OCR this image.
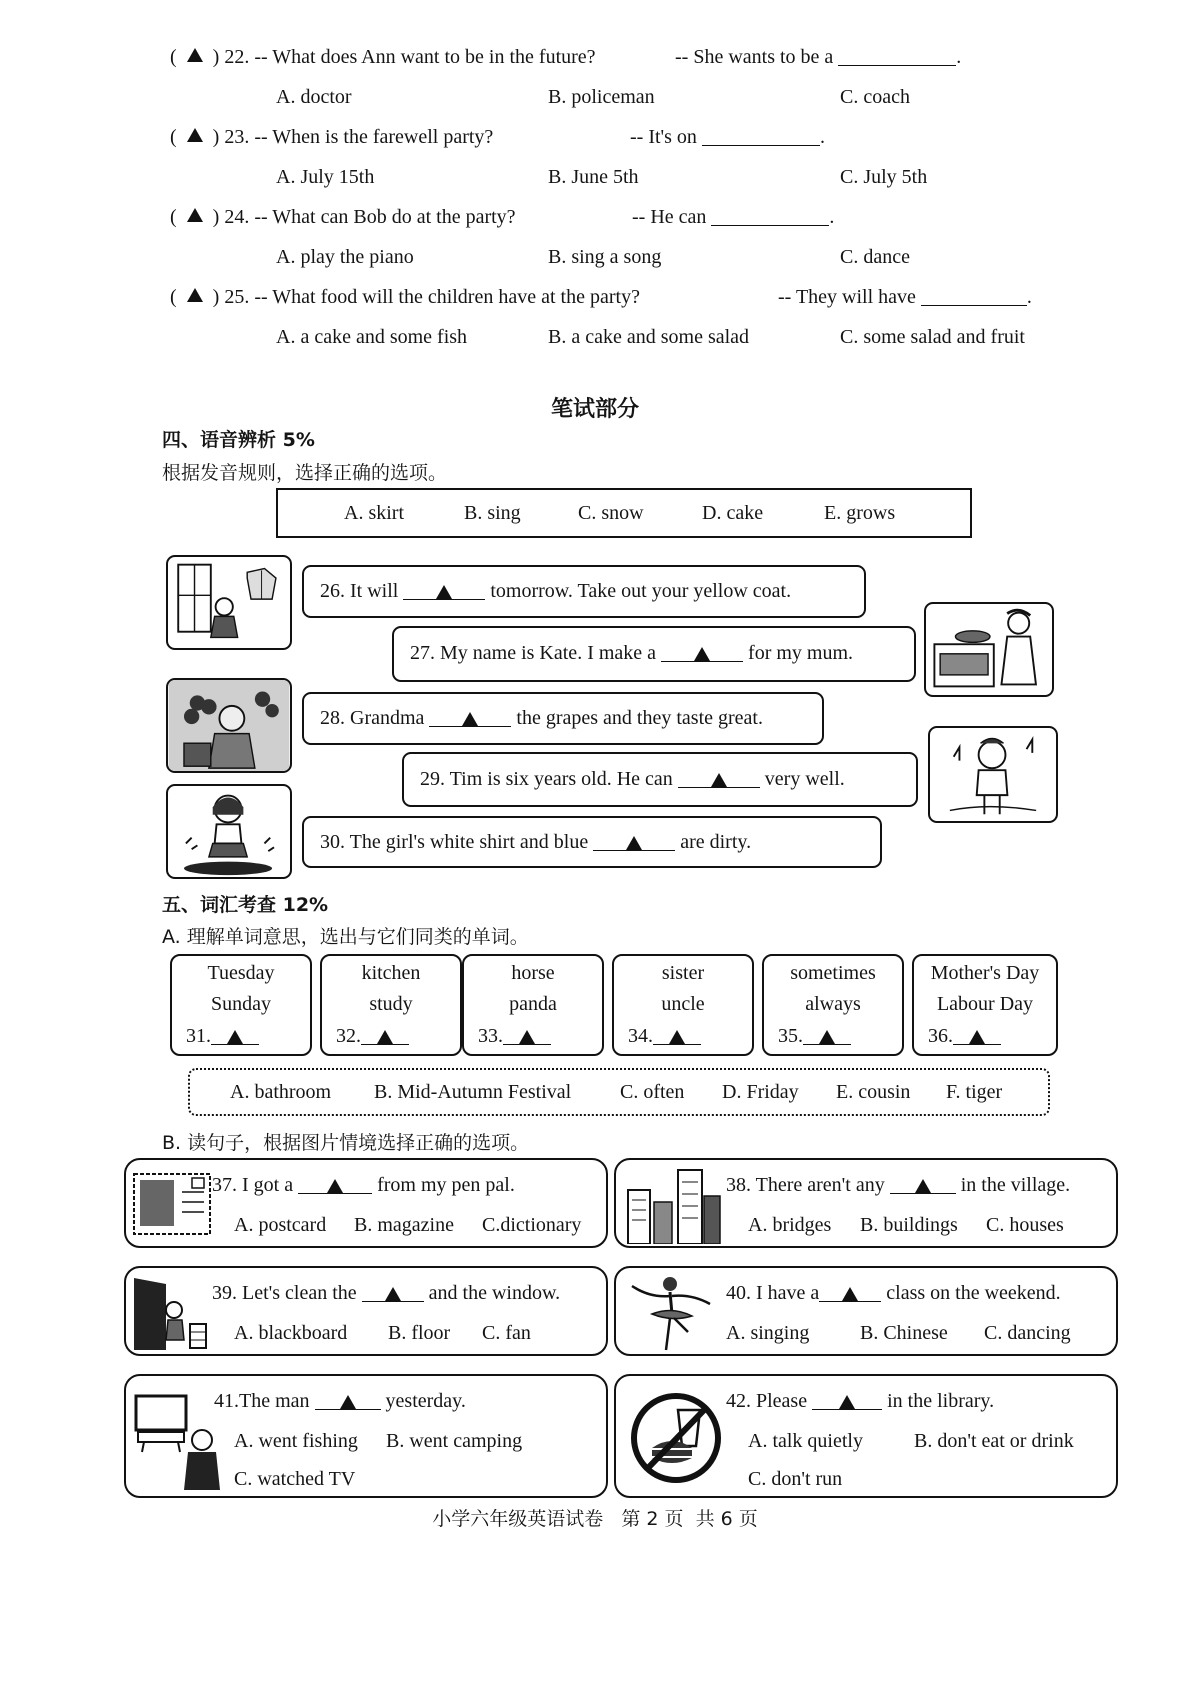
(    ) 22. -- What does Ann want to be in the future?	-- She wants to be a	.
A. doctor	B. policeman	C. coach
(    ) 23. -- When is the farewell party?	-- It's on	.
A. July 15th	B. June 5th	C. July 5th
(    ) 24. -- What can Bob do at the party?	-- He can	.
A. play the piano	B. sing a song	C. dance
(    ) 25. -- What food will the children have at the party?	-- They will have	.
A. a cake and some fish	B. a cake and some salad	C. some salad and fruit
笔试部分
四、语音辨析 5%
根据发音规则，选择正确的选项。
A. skirt	B. sing	C. snow	D. cake	E. grows
26. It will	tomorrow. Take out your yellow coat.
27. My name is Kate. I make a	for my mum.
28. Grandma	the grapes and they taste great.
29. Tim is six years old. He can	very well.
30. The girl's white shirt and blue	are dirty.
五、词汇考查 12%
A. 理解单词意思，选出与它们同类的单词。
Tuesday
Sunday
31.
kitchen
study
32.
horse
panda
33.
sister
uncle
34.
sometimes
always
35.
Mother's Day
Labour Day
36.
A. bathroom B. Mid-Autumn Festival C. often D. Friday E. cousin F. tiger
B. 读句子，根据图片情境选择正确的选项。
37. I got a	from my pen pal.
A. postcard B. magazine C.dictionary
38. There aren't any	in the village.
A. bridges B. buildings C. houses
39. Let's clean the	and the window.
A. blackboard B. floor C. fan
40. I have a	class on the weekend.
A. singing	B. Chinese C. dancing
41.The man	yesterday.
A. went fishing B. went camping
C. watched TV
42. Please	in the library.
A. talk quietly	B. don't eat or drink
C. don't run
小学六年级英语试卷   第 2 页  共 6 页
